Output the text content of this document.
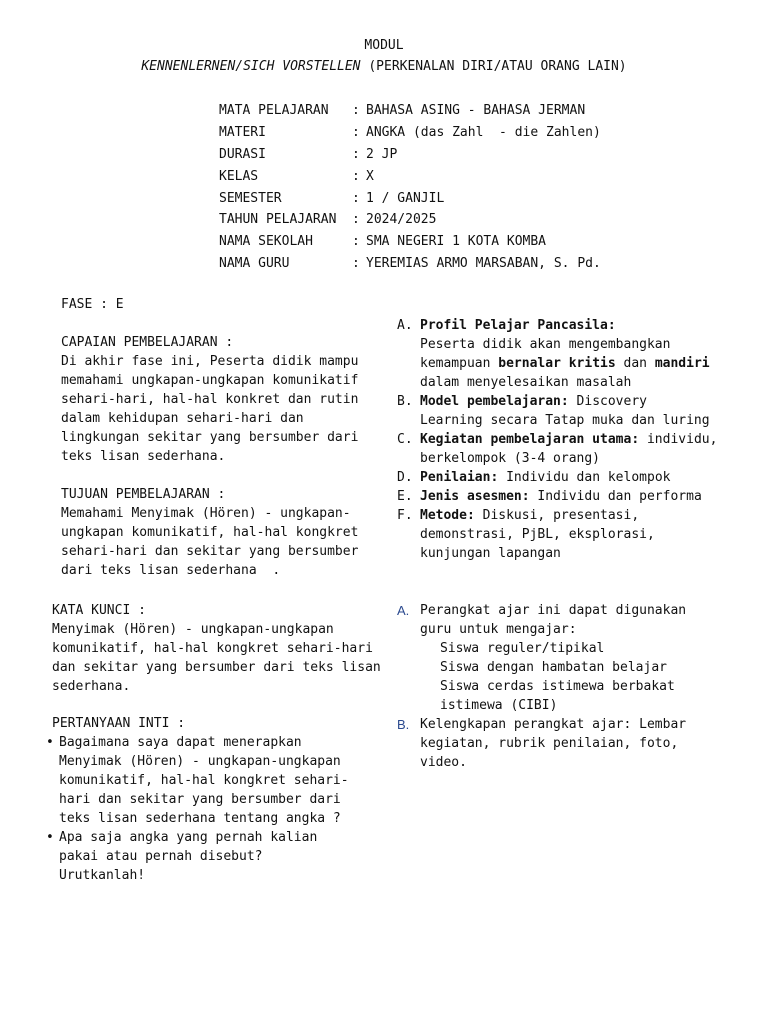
MODUL
KENNENLERNEN/SICH VORSTELLEN (PERKENALAN DIRI/ATAU ORANG LAIN)
MATA PELAJARAN	: BAHASA ASING - BAHASA JERMAN
MATERI	: ANGKA (das Zahl  - die Zahlen)
DURASI	: 2 JP
KELAS	: X
SEMESTER	: 1 / GANJIL
TAHUN PELAJARAN	: 2024/2025
NAMA SEKOLAH	: SMA NEGERI 1 KOTA KOMBA
NAMA GURU	: YEREMIAS ARMO MARSABAN, S. Pd.
FASE : E
CAPAIAN PEMBELAJARAN :
Di akhir fase ini, Peserta didik mampu
memahami ungkapan-ungkapan komunikatif
sehari-hari, hal-hal konkret dan rutin
dalam kehidupan sehari-hari dan
lingkungan sekitar yang bersumber dari
teks lisan sederhana.
TUJUAN PEMBELAJARAN :
Memahami Menyimak (Hören) - ungkapan-
ungkapan komunikatif, hal-hal kongkret
sehari-hari dan sekitar yang bersumber
dari teks lisan sederhana  .
KATA KUNCI :
Menyimak (Hören) - ungkapan-ungkapan
komunikatif, hal-hal kongkret sehari-hari
dan sekitar yang bersumber dari teks lisan
sederhana.
PERTANYAAN INTI :
• Bagaimana saya dapat menerapkan
Menyimak (Hören) - ungkapan-ungkapan
komunikatif, hal-hal kongkret sehari-
hari dan sekitar yang bersumber dari
teks lisan sederhana tentang angka ?
• Apa saja angka yang pernah kalian
pakai atau pernah disebut?
Urutkanlah!
A. Profil Pelajar Pancasila:
Peserta didik akan mengembangkan
kemampuan bernalar kritis dan mandiri
dalam menyelesaikan masalah
B. Model pembelajaran: Discovery
Learning secara Tatap muka dan luring
C. Kegiatan pembelajaran utama: individu,
berkelompok (3-4 orang)
D. Penilaian: Individu dan kelompok
E. Jenis asesmen: Individu dan performa
F. Metode: Diskusi, presentasi,
demonstrasi, PjBL, eksplorasi,
kunjungan lapangan
A. Perangkat ajar ini dapat digunakan
guru untuk mengajar:
Siswa reguler/tipikal
Siswa dengan hambatan belajar
Siswa cerdas istimewa berbakat
istimewa (CIBI)
B. Kelengkapan perangkat ajar: Lembar
kegiatan, rubrik penilaian, foto,
video.
